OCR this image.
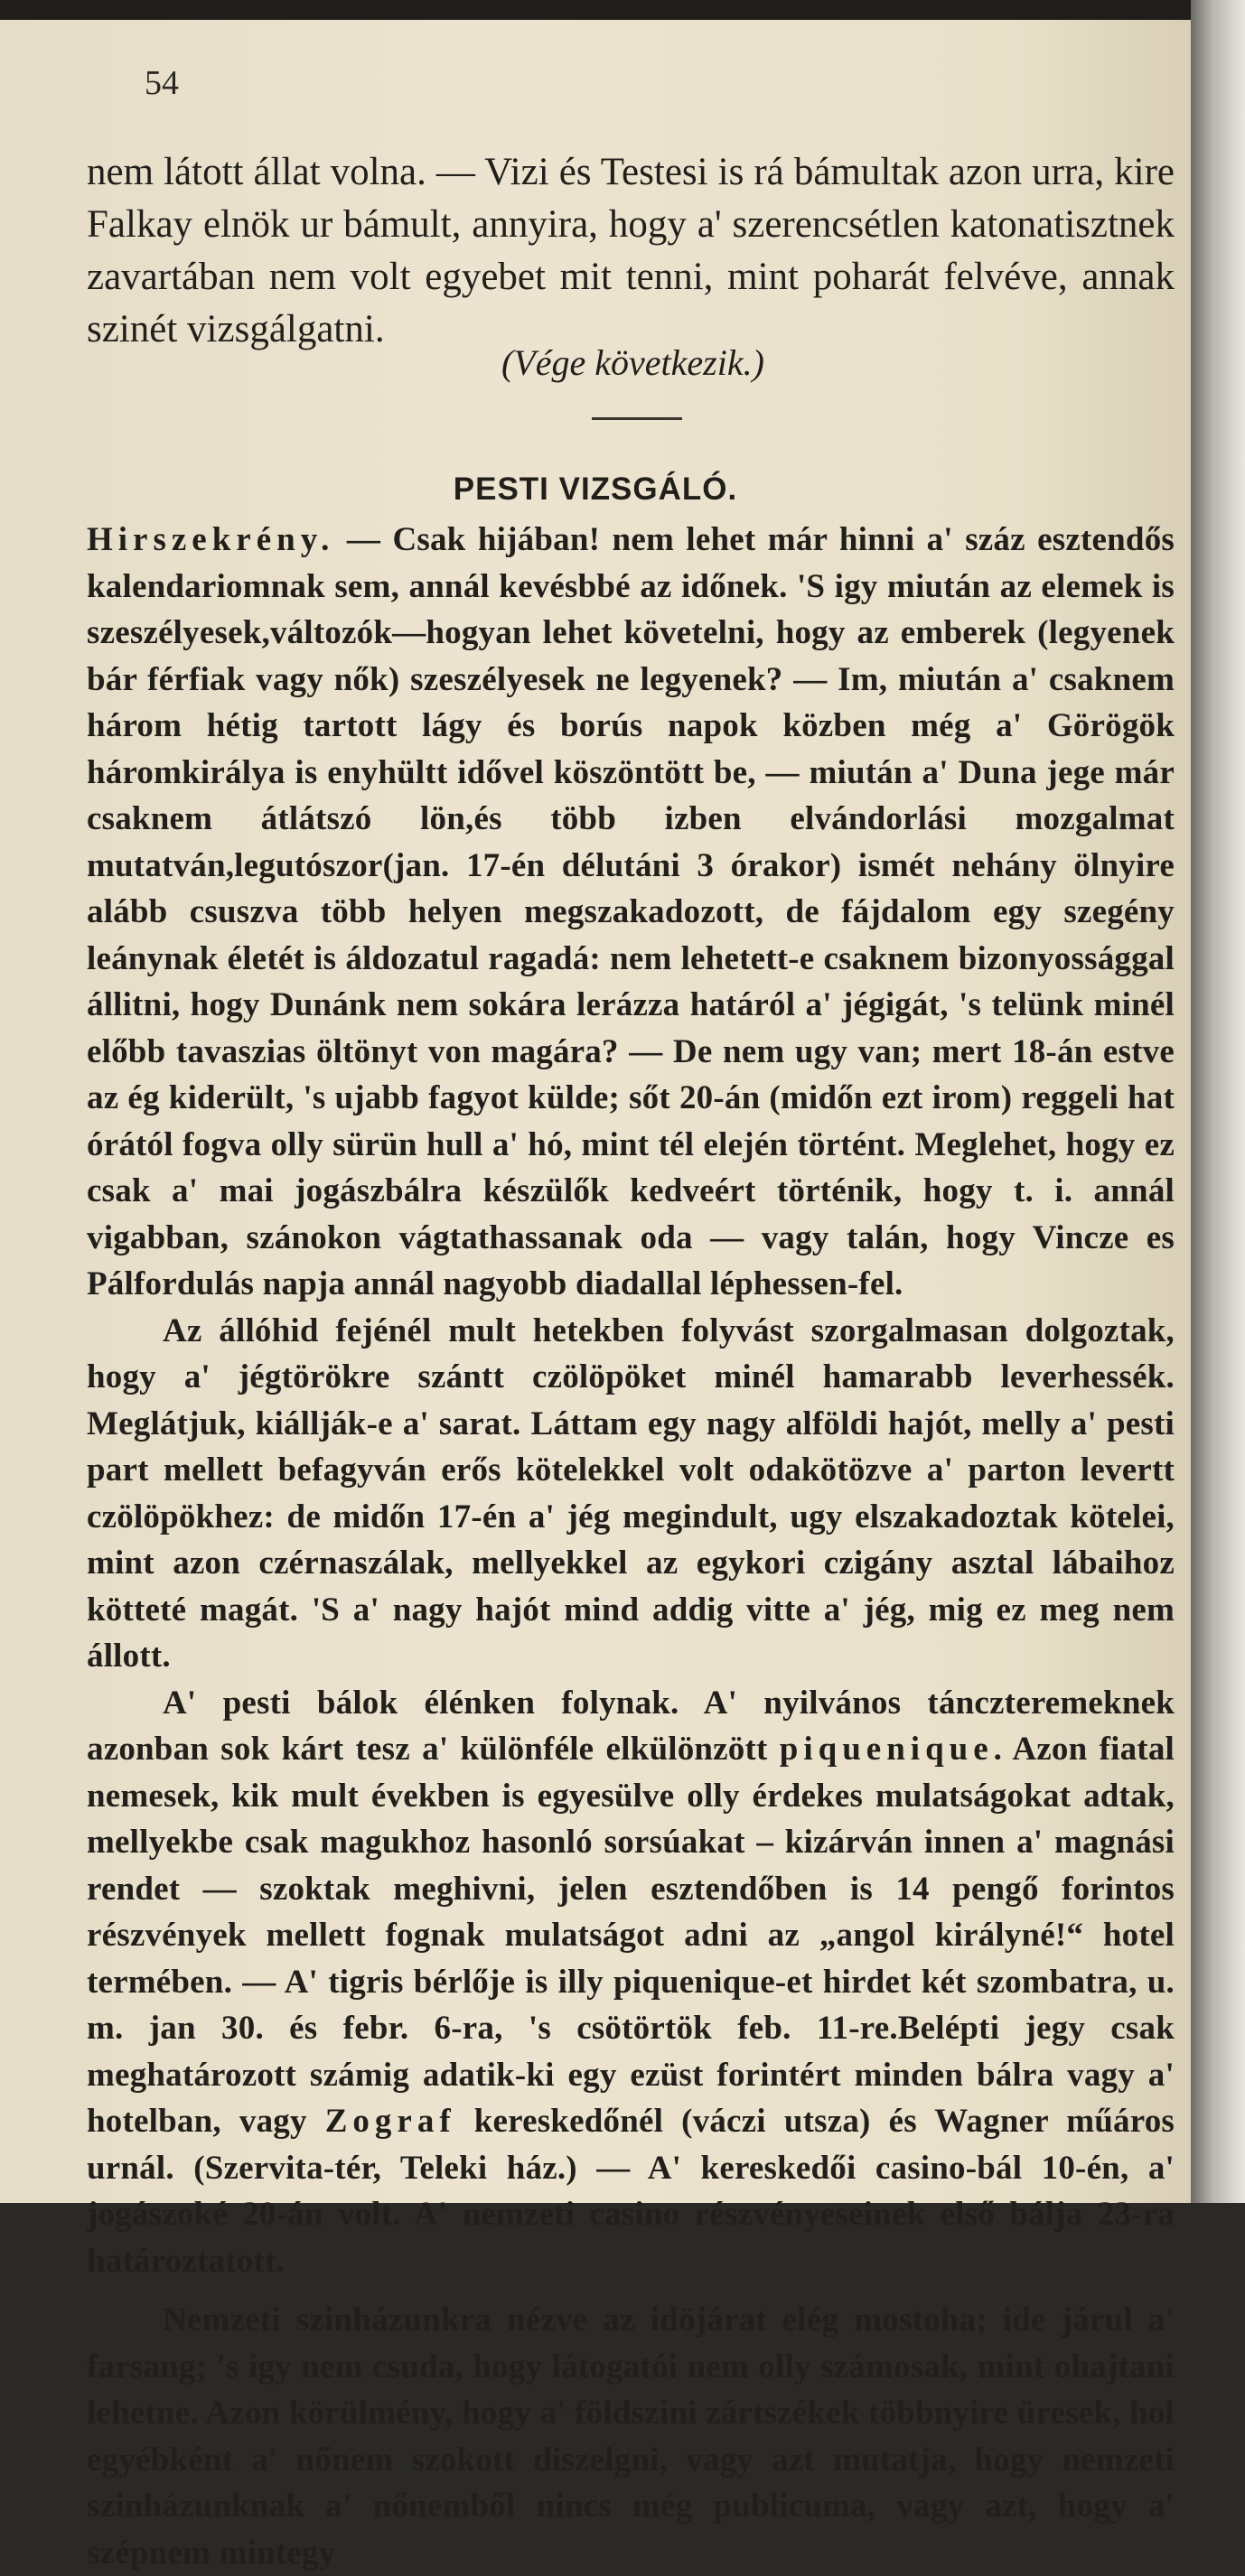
54
nem látott állat volna. — Vizi és Testesi is rá bámultak azon urra, kire Falkay elnök ur bámult, annyira, hogy a' szerencsétlen katonatisztnek zavartában nem volt egyebet mit tenni, mint poharát felvéve, annak szinét vizsgálgatni.
(Vége következik.)
PESTI VIZSGÁLÓ.

Hirszekrény. — Csak hijában! nem lehet már hinni a' száz esztendős kalendariomnak sem, annál kevésbbé az időnek. 'S igy miután az elemek is szeszélyesek,változók—hogyan lehet követelni, hogy az emberek (legyenek bár férfiak vagy nők) szeszélyesek ne legyenek? — Im, miután a' csaknem három hétig tartott lágy és borús napok közben még a' Görögök háromkirálya is enyhültt idővel köszöntött be, — miután a' Duna jege már csaknem átlátszó lön,és több izben elvándorlási mozgalmat mutatván,legutószor(jan. 17-én délutáni 3 órakor) ismét nehány ölnyire alább csuszva több helyen megszakadozott, de fájdalom egy szegény leánynak életét is áldozatul ragadá: nem lehetett-e csaknem bizonyossággal állitni, hogy Dunánk nem sokára lerázza határól a' jégigát, 's telünk minél előbb tavaszias öltönyt von magára? — De nem ugy van; mert 18-án estve az ég kiderült, 's ujabb fagyot külde; sőt 20-án (midőn ezt irom) reggeli hat órától fogva olly sürün hull a' hó, mint tél elején történt. Meglehet, hogy ez csak a' mai jogászbálra készülők kedveért történik, hogy t. i. annál vigabban, szánokon vágtathassanak oda — vagy talán, hogy Vincze es Pálfordulás napja annál nagyobb diadallal léphessen-fel.

Az állóhid fejénél mult hetekben folyvást szorgalmasan dolgoztak, hogy a' jégtörökre szántt czölöpöket minél hamarabb leverhessék. Meglátjuk, kiállják-e a' sarat. Láttam egy nagy alföldi hajót, melly a' pesti part mellett befagyván erős kötelekkel volt odakötözve a' parton levertt czölöpökhez: de midőn 17-én a' jég megindult, ugy elszakadoztak kötelei, mint azon czérnaszálak, mellyekkel az egykori czigány asztal lábaihoz kötteté magát. 'S a' nagy hajót mind addig vitte a' jég, mig ez meg nem állott.

A' pesti bálok élénken folynak. A' nyilvános tánczteremeknek azonban sok kárt tesz a' különféle elkülönzött piquenique. Azon fiatal nemesek, kik mult években is egyesülve olly érdekes mulatságokat adtak, mellyekbe csak magukhoz hasonló sorsúakat – kizárván innen a' magnási rendet — szoktak meghivni, jelen esztendőben is 14 pengő forintos részvények mellett fognak mulatságot adni az „angol királyné!“ hotel termében. — A' tigris bérlője is illy piquenique-et hirdet két szombatra, u. m. jan 30. és febr. 6-ra, 's csötörtök feb. 11-re.Belépti jegy csak meghatározott számig adatik-ki egy ezüst forintért minden bálra vagy a' hotelban, vagy Zograf kereskedőnél (váczi utsza) és Wagner műáros urnál. (Szervita-tér, Teleki ház.) — A' kereskedői casino-bál 10-én, a' jogászoké 20-án volt. A' nemzeti casino részvényeseinek első bálja 23-ra határoztatott.

Nemzeti szinházunkra nézve az idöjárat elég mostoha; ide járul a' farsang; 's igy nem csuda, hogy látogatói nem olly számosak, mint ohajtani lehetne. Azon körülmény, hogy a' földszini zártszékek többnyire üresek, hol egyébként a' nőnem szokott diszelgni, vagy azt mutatja, hogy nemzeti szinházunknak a' nőnemből nincs még publicuma, vagy azt, hogy a' szépnem mintegy
